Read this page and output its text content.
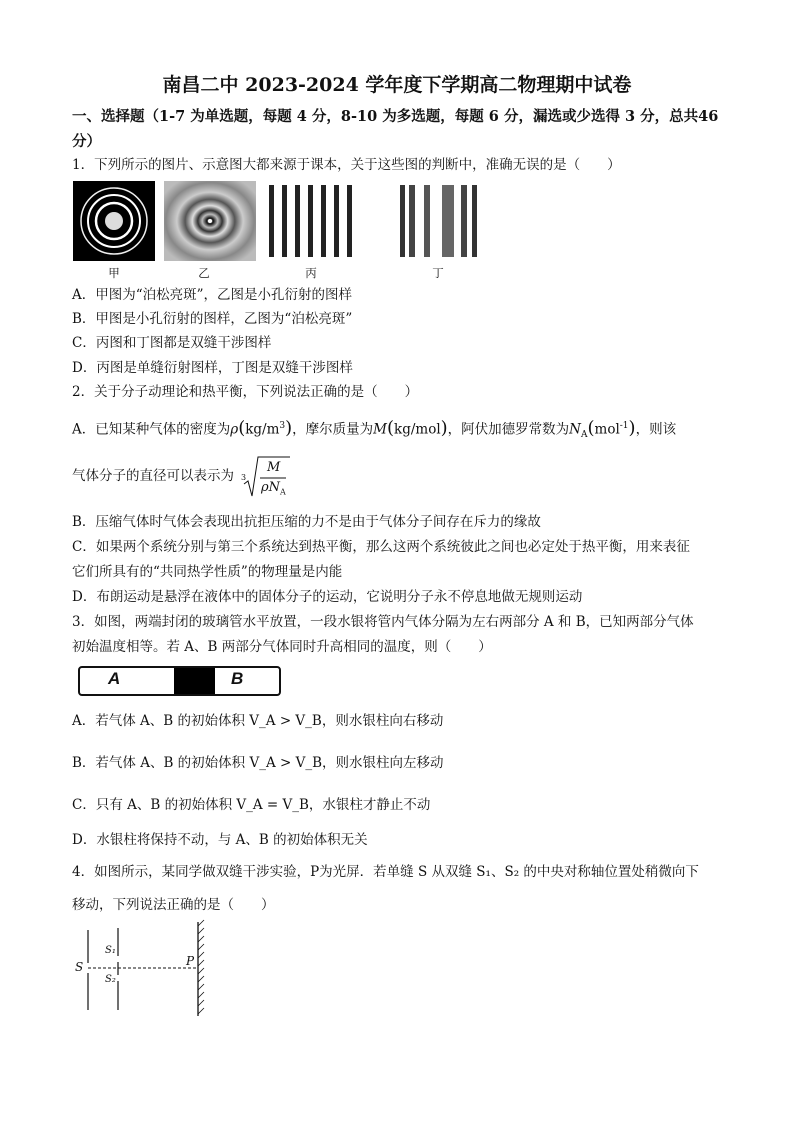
南昌二中 2023-2024 学年度下学期高二物理期中试卷
一、选择题（1-7 为单选题，每题 4 分，8-10 为多选题，每题 6 分，漏选或少选得 3 分，总共46 分）
1．下列所示的图片、示意图大都来源于课本，关于这些图的判断中，准确无误的是（　　）
甲	乙	丙	丁
A．甲图为“泊松亮斑”，乙图是小孔衍射的图样
B．甲图是小孔衍射的图样，乙图为“泊松亮斑”
C．丙图和丁图都是双缝干涉图样
D．丙图是单缝衍射图样，丁图是双缝干涉图样
2．关于分子动理论和热平衡，下列说法正确的是（　　）
A．已知某种气体的密度为$\rho(kg/m^3)$，摩尔质量为M(kg/mol)，阿伏加德罗常数为$N_A(mol^{-1})$，则该
气体分子的直径可以表示为 3
M
$\rho N_A$
B．压缩气体时气体会表现出抗拒压缩的力不是由于气体分子间存在斥力的缘故
C．如果两个系统分别与第三个系统达到热平衡，那么这两个系统彼此之间也必定处于热平衡，用来表征
它们所具有的“共同热学性质”的物理量是内能
D．布朗运动是悬浮在液体中的固体分子的运动，它说明分子永不停息地做无规则运动
3．如图，两端封闭的玻璃管水平放置，一段水银将管内气体分隔为左右两部分 A 和 B，已知两部分气体
初始温度相等。若 A、B 两部分气体同时升高相同的温度，则（　　）
A	B
A．若气体 A、B 的初始体积 V_A > V_B，则水银柱向右移动
B．若气体 A、B 的初始体积 V_A > V_B，则水银柱向左移动
C．只有 A、B 的初始体积 V_A = V_B，水银柱才静止不动
D．水银柱将保持不动，与 A、B 的初始体积无关
4．如图所示，某同学做双缝干涉实验，P为光屏．若单缝 S 从双缝 S₁、S₂ 的中央对称轴位置处稍微向下
移动，下列说法正确的是（　　）
S
S₁
S₂
P
